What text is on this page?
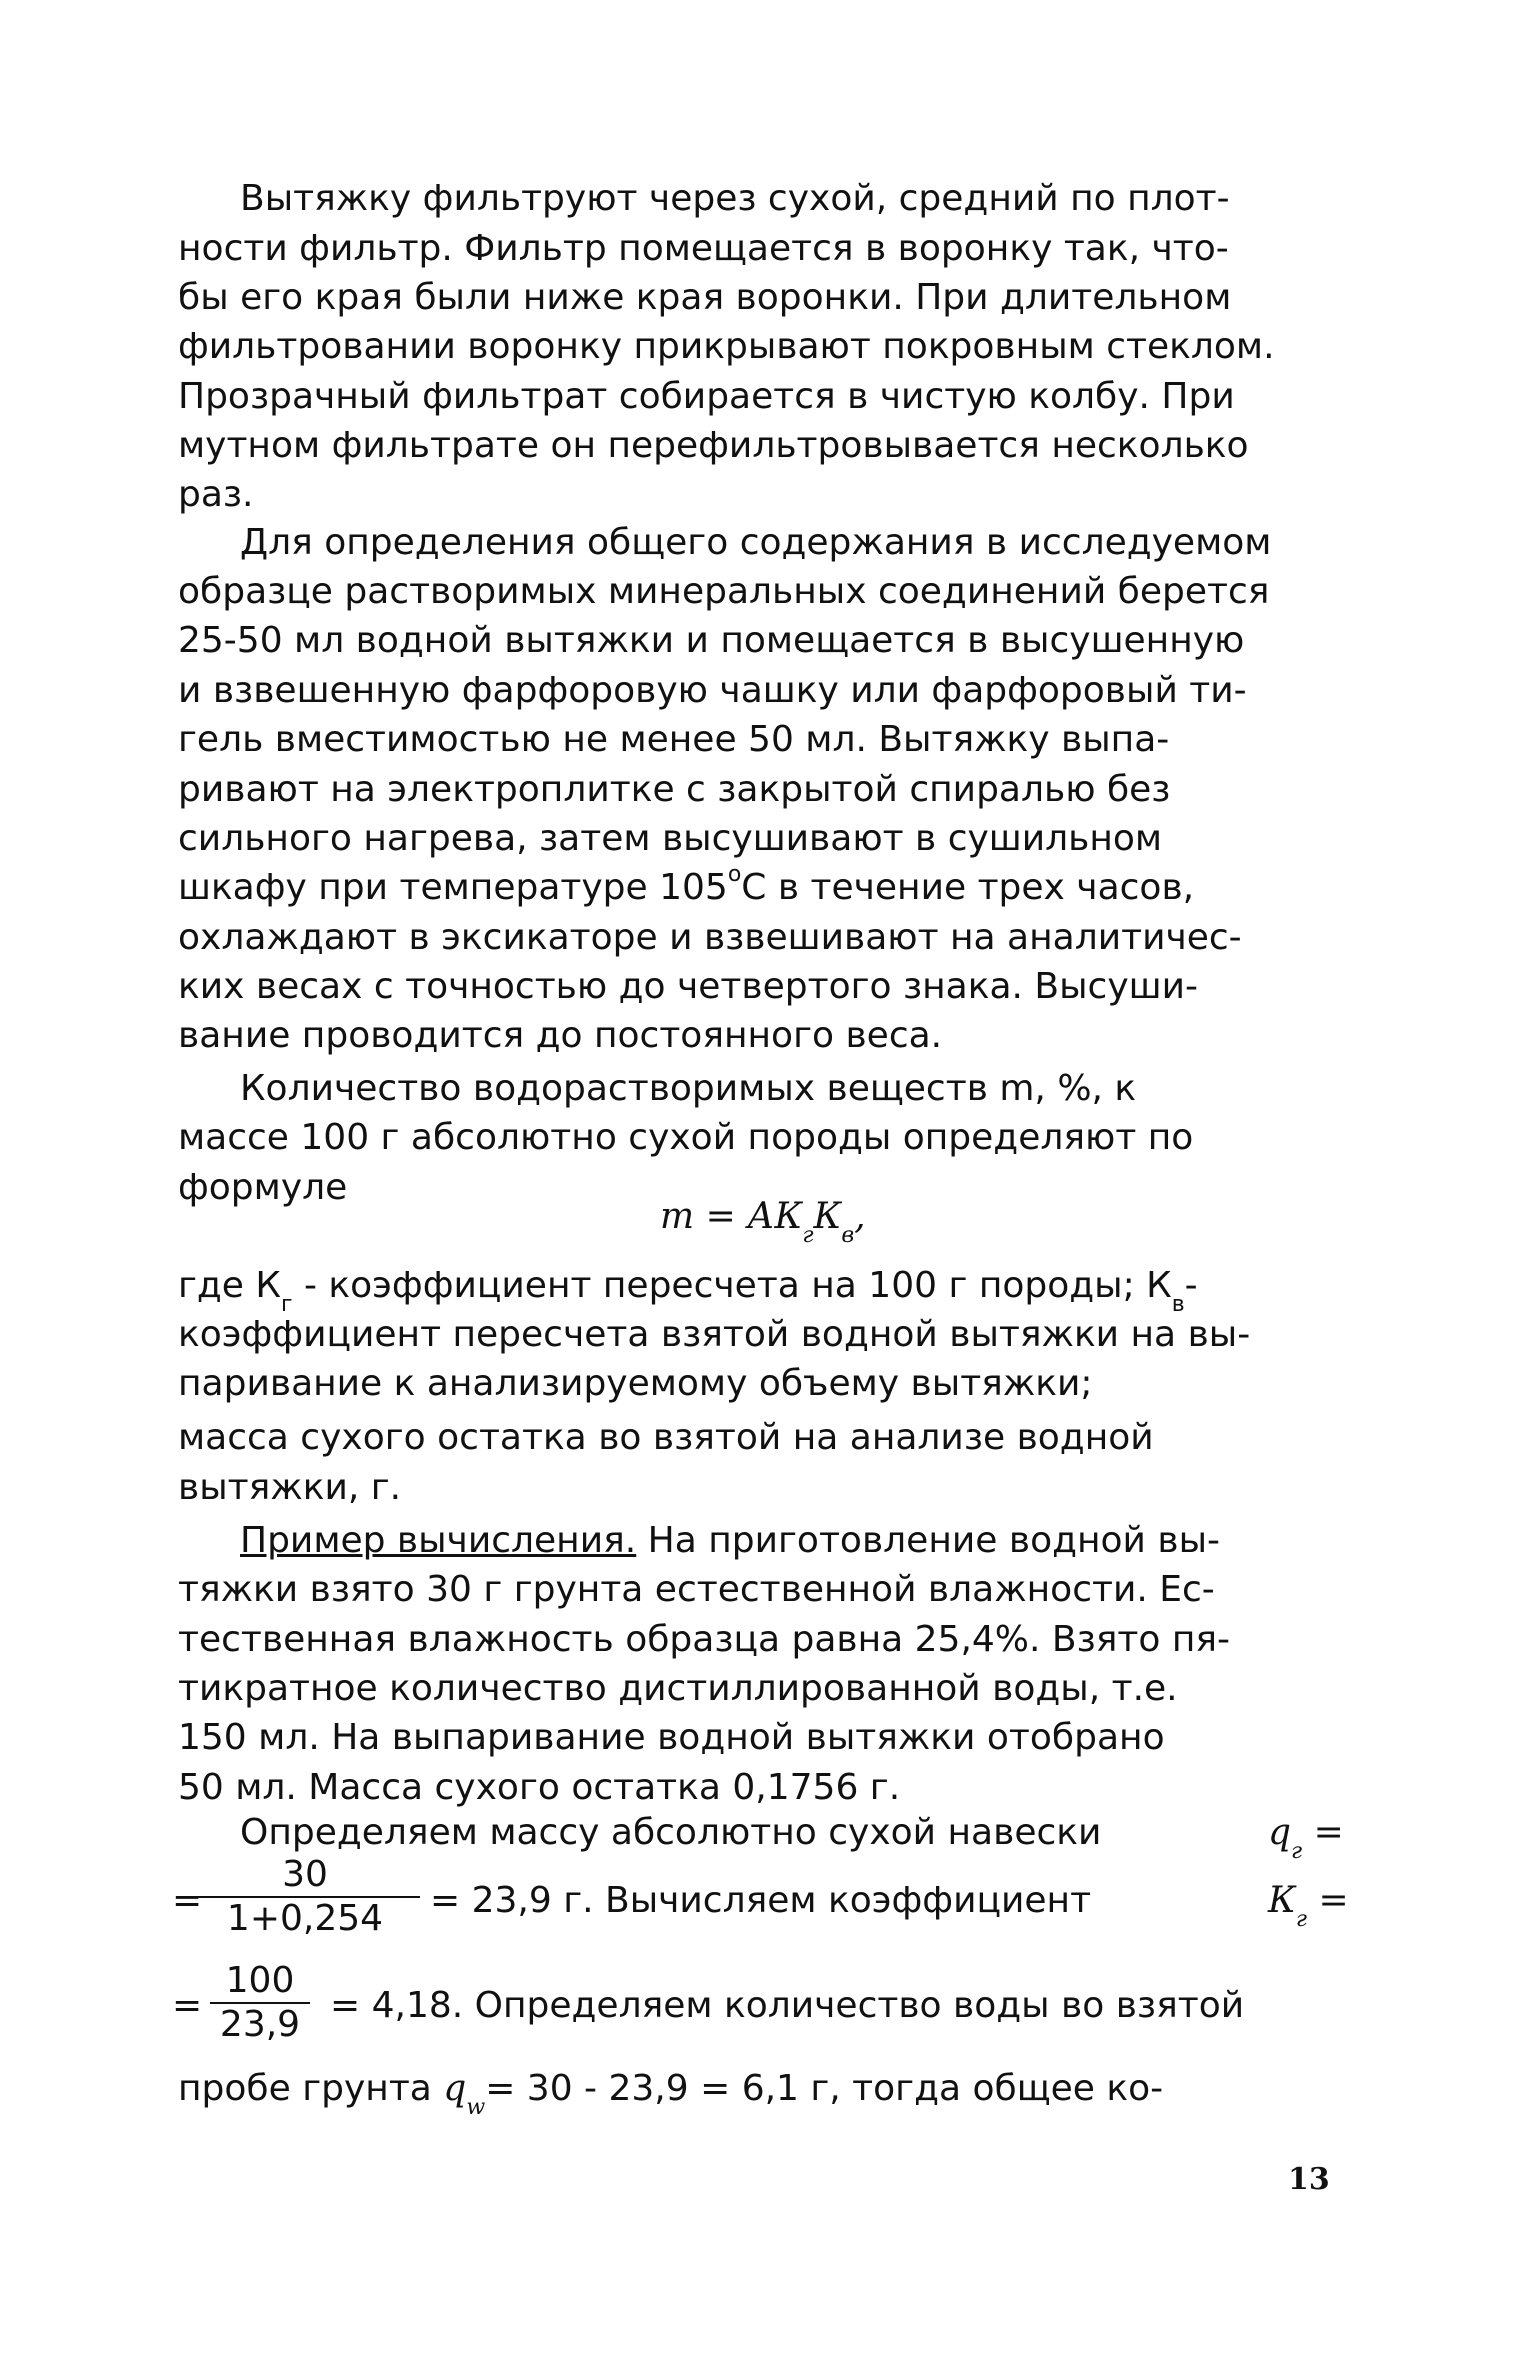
Вытяжку фильтруют через сухой, средний по плот-
ности фильтр. Фильтр помещается в воронку так, что-
бы его края были ниже края воронки. При длительном
фильтровании воронку прикрывают покровным стеклом.
Прозрачный фильтрат собирается в чистую колбу. При
мутном фильтрате он перефильтровывается несколько
раз.
Для определения общего содержания в исследуемом
образце растворимых минеральных соединений берется
25-50 мл водной вытяжки и помещается в высушенную
и взвешенную фарфоровую чашку или фарфоровый ти-
гель вместимостью не менее 50 мл. Вытяжку выпа-
ривают на электроплитке с закрытой спиралью без
сильного нагрева, затем высушивают в сушильном
шкафу при температуре $105^оС$ в течение трех часов,
охлаждают в эксикаторе и взвешивают на аналитичес-
ких весах с точностью до четвертого знака. Высуши-
вание проводится до постоянного веса.
Количество водорастворимых веществ m, %, к
массе 100 г абсолютно сухой породы определяют по
формуле
$m = АК_гК_в$,
где $К_г$ - коэффициент пересчета на 100 г породы; $К_в-$
коэффициент пересчета взятой водной вытяжки на вы-
паривание к анализируемому объему вытяжки;
масса сухого остатка во взятой на анализе водной
вытяжки, г.
Пример вычисления. На приготовление водной вы-
тяжки взято 30 г грунта естественной влажности. Ес-
тественная влажность образца равна 25,4%. Взято пя-
тикратное количество дистиллированной воды, т.е.
150 мл. На выпаривание водной вытяжки отобрано
50 мл. Масса сухого остатка 0,1756 г.
Определяем массу абсолютно сухой навески	$q_г$ =
=
$\frac{30}{1+0,254} = 23,9$ г. Вычисляем коэффициент	$К_г$ =
= $\frac{100}{23,9} = 4,18$. Определяем количество воды во взятой
пробе грунта $q_w= 30 - 23,9 = 6,1$ г, тогда общее ко-
13
